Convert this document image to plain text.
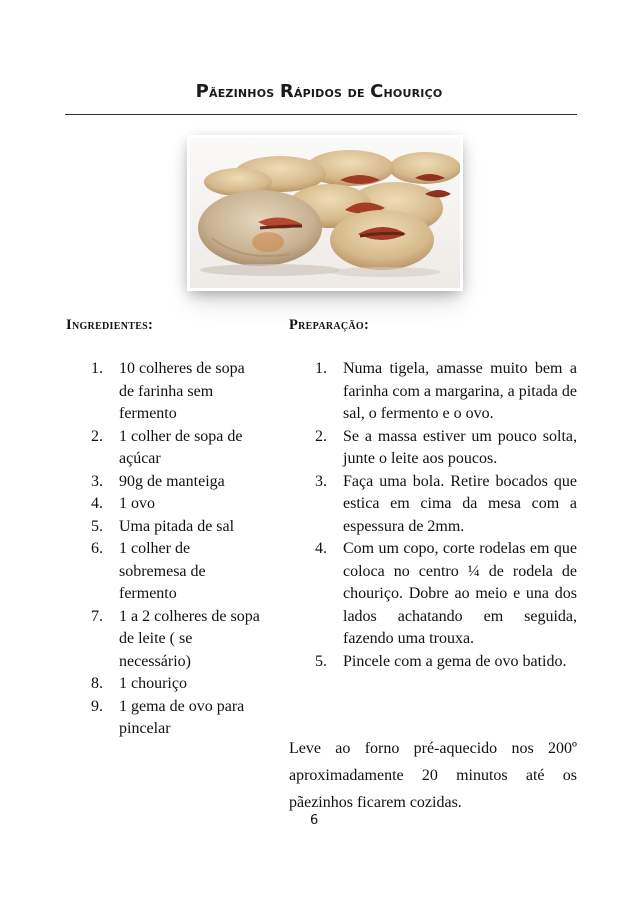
Pãezinhos Rápidos de Chouriço
Ingredientes:	Preparação:
1. 10 colheres de sopa de farinha sem fermento
2. 1 colher de sopa de açúcar
3. 90g de manteiga
4. 1 ovo
5. Uma pitada de sal
6. 1 colher de sobremesa de fermento
7. 1 a 2 colheres de sopa de leite ( se necessário)
8. 1 chouriço
9. 1 gema de ovo para pincelar
1. Numa tigela, amasse muito bem a farinha com a margarina, a pitada de sal, o fermento e o ovo.
2. Se a massa estiver um pouco solta, junte o leite aos poucos.
3. Faça uma bola. Retire bocados que estica em cima da mesa com a espessura de 2mm.
4. Com um copo, corte rodelas em que coloca no centro ¼ de rodela de chouriço. Dobre ao meio e una dos lados achatando em seguida, fazendo uma trouxa.
5. Pincele com a gema de ovo batido.
Leve ao forno pré-aquecido nos 200º aproximadamente 20 minutos até os pãezinhos ficarem cozidas.
6
